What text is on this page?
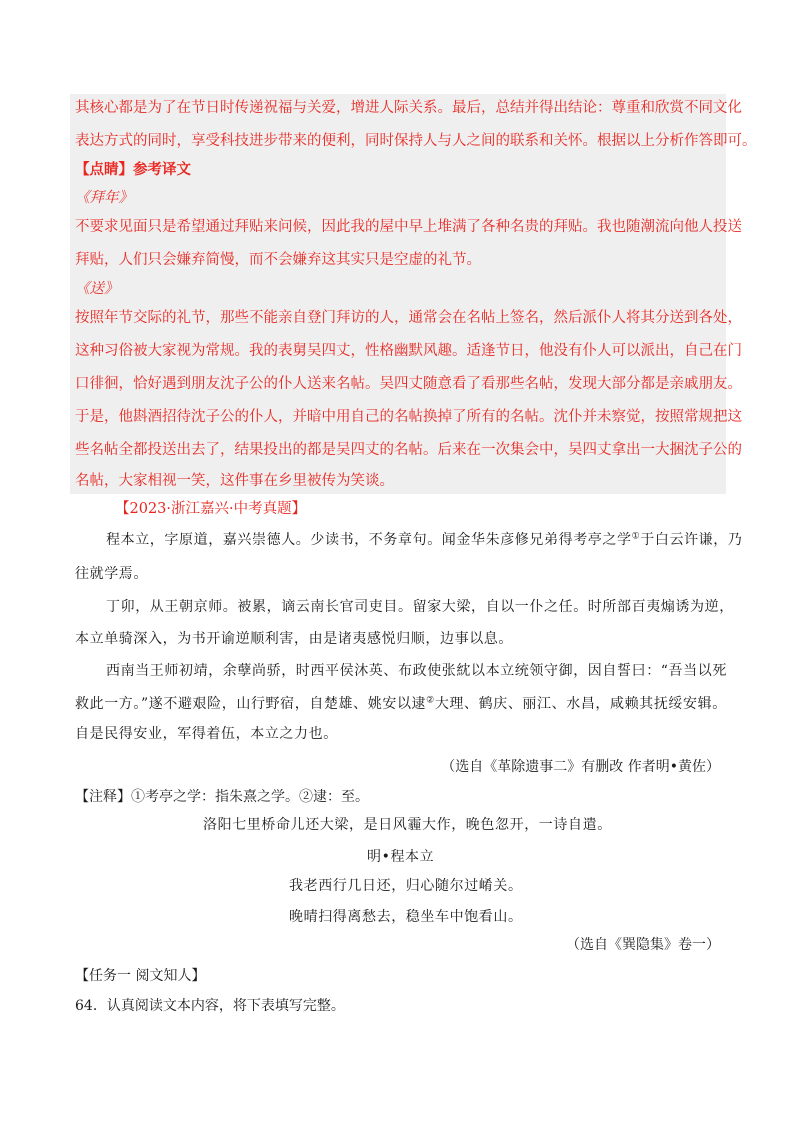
其核心都是为了在节日时传递祝福与关爱，增进人际关系。最后，总结并得出结论：尊重和欣赏不同文化
表达方式的同时，享受科技进步带来的便利，同时保持人与人之间的联系和关怀。根据以上分析作答即可。
【点睛】参考译文
《拜年》
不要求见面只是希望通过拜贴来问候，因此我的屋中早上堆满了各种名贵的拜贴。我也随潮流向他人投送
拜贴，人们只会嫌弃简慢，而不会嫌弃这其实只是空虚的礼节。
《送》
按照年节交际的礼节，那些不能亲自登门拜访的人，通常会在名帖上签名，然后派仆人将其分送到各处，
这种习俗被大家视为常规。我的表舅吴四丈，性格幽默风趣。适逢节日，他没有仆人可以派出，自己在门
口徘徊，恰好遇到朋友沈子公的仆人送来名帖。吴四丈随意看了看那些名帖，发现大部分都是亲戚朋友。
于是，他斟酒招待沈子公的仆人，并暗中用自己的名帖换掉了所有的名帖。沈仆并未察觉，按照常规把这
些名帖全都投送出去了，结果投出的都是吴四丈的名帖。后来在一次集会中，吴四丈拿出一大捆沈子公的
名帖，大家相视一笑，这件事在乡里被传为笑谈。
【2023·浙江嘉兴·中考真题】
程本立，字原道，嘉兴崇德人。少读书，不务章句。闻金华朱彦修兄弟得考亭之学①于白云许谦，乃
往就学焉。
丁卯，从王朝京师。被累，谪云南长官司吏目。留家大梁，自以一仆之任。时所部百夷煽诱为逆，
本立单骑深入，为书开谕逆顺利害，由是诸夷感悦归顺，边事以息。
西南当王师初靖，余孽尚骄，时西平侯沐英、布政使张紞以本立统领守御，因自誓曰：“吾当以死
救此一方。”遂不避艰险，山行野宿，自楚雄、姚安以逮②大理、鹤庆、丽江、水昌，咸赖其抚绥安辑。
自是民得安业，军得着伍，本立之力也。
（选自《革除遗事二》有删改 作者明•黄佐）
【注释】①考亭之学：指朱熹之学。②逮：至。
洛阳七里桥命儿还大梁，是日风霾大作，晚色忽开，一诗自遣。
明•程本立
我老西行几日还，归心随尔过崤关。
晚晴扫得离愁去，稳坐车中饱看山。
（选自《巽隐集》卷一）
【任务一 阅文知人】
64．认真阅读文本内容，将下表填写完整。
